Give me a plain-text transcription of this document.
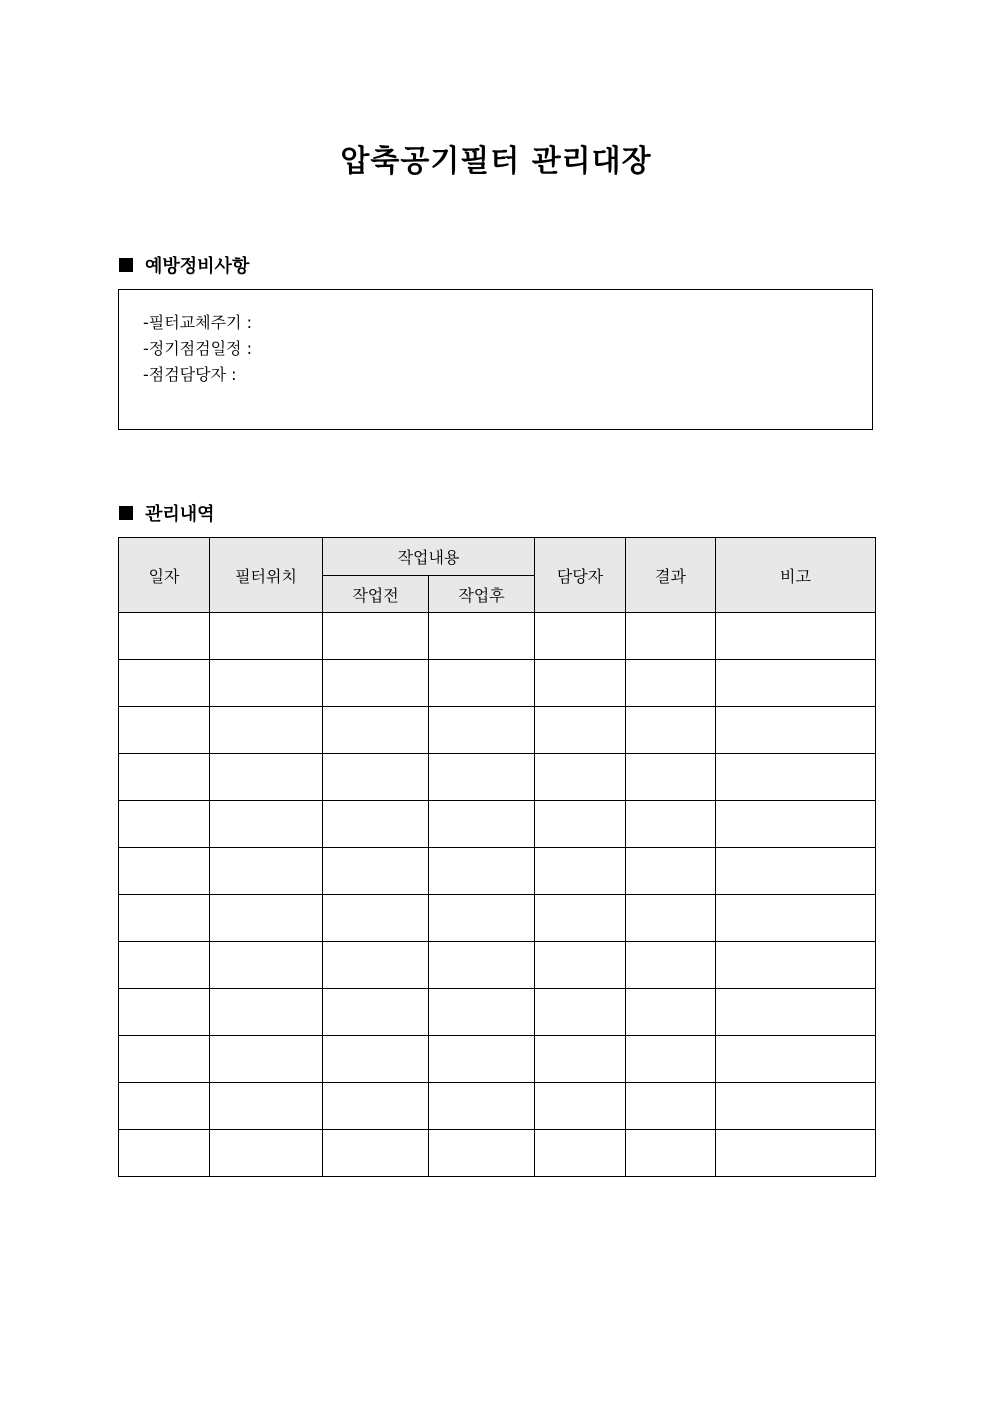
압축공기필터 관리대장
예방정비사항
-필터교체주기 :
-정기점검일정 :
-점검담당자 :
관리내역
일자	필터위치	작업내용		담당자	결과	비고
		작업전	작업후			
